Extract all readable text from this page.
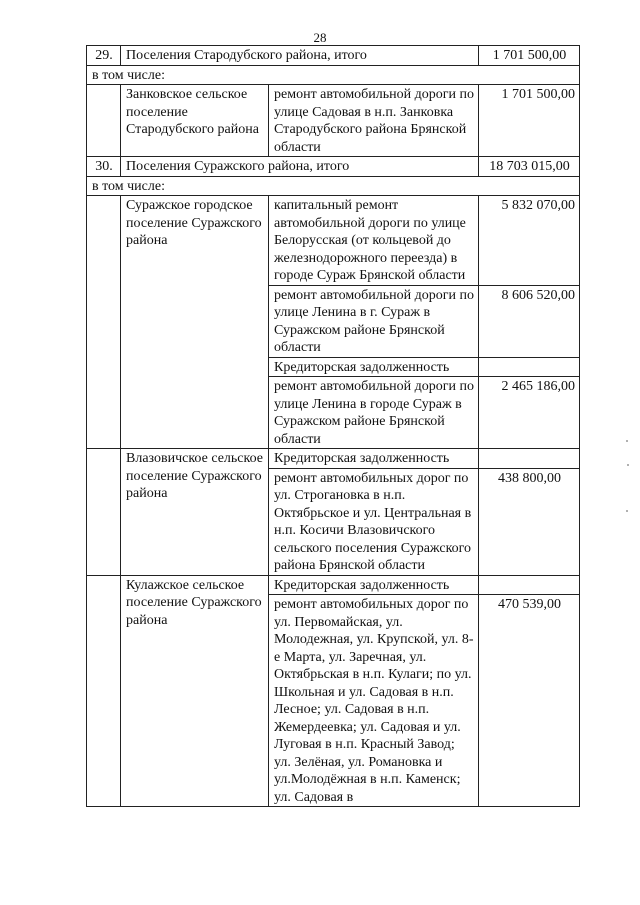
28
29.	Поселения Стародубского района, итого		1 701 500,00
в том числе:			
	Занковское сельское поселение Стародубского района	ремонт автомобильной дороги по улице Садовая в н.п. Занковка Стародубского района Брянской области	1 701 500,00
30.	Поселения Суражского района, итого		18 703 015,00
в том числе:			
	Суражское городское поселение Суражского района	капитальный ремонт автомобильной дороги по улице Белорусская (от кольцевой до железнодорожного переезда) в городе Сураж Брянской области	5 832 070,00
		ремонт автомобильной дороги по улице Ленина в г. Сураж в Суражском районе Брянской области	8 606 520,00
		Кредиторская задолженность	
		ремонт автомобильной дороги по улице Ленина в городе Сураж в Суражском районе Брянской области	2 465 186,00
	Влазовичское сельское поселение Суражского района	Кредиторская задолженность	
		ремонт автомобильных дорог по ул. Строгановка в н.п. Октябрьское и ул. Центральная в н.п. Косичи Влазовичского сельского поселения Суражского района Брянской области	438 800,00
	Кулажское сельское поселение Суражского района	Кредиторская задолженность	
		ремонт автомобильных дорог по ул. Первомайская, ул. Молодежная, ул. Крупской, ул. 8-е Марта, ул. Заречная, ул. Октябрьская в н.п. Кулаги; по ул. Школьная и ул. Садовая в н.п. Лесное; ул. Садовая в н.п. Жемердеевка; ул. Садовая и ул. Луговая в н.п. Красный Завод; ул. Зелёная, ул. Романовка и ул.Молодёжная в н.п. Каменск; ул. Садовая в	470 539,00
